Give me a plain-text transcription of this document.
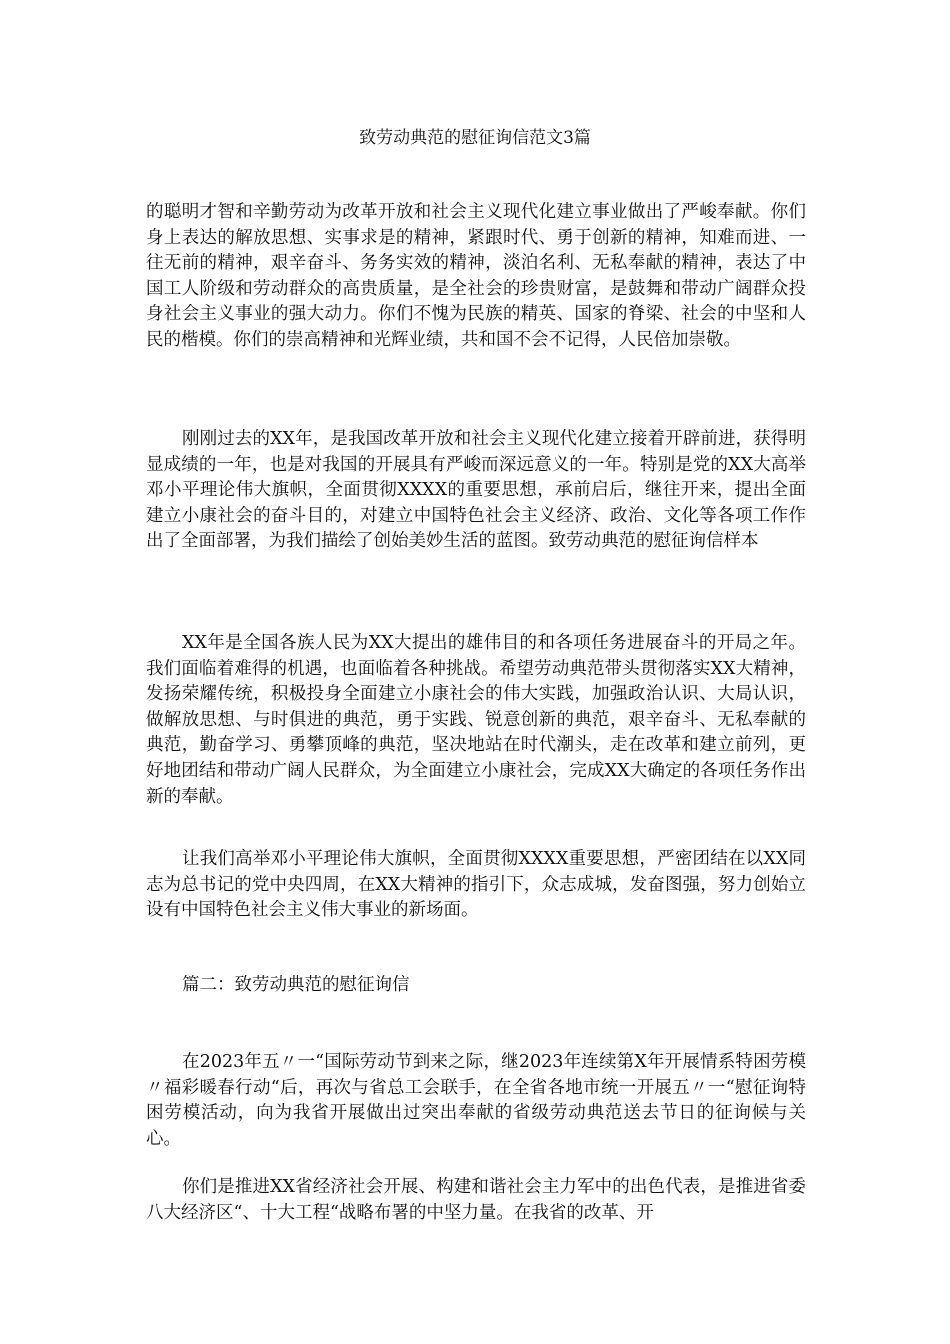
致劳动典范的慰征询信范文3篇

的聪明才智和辛勤劳动为改革开放和社会主义现代化建立事业做出了严峻奉献。你们身上表达的解放思想、实事求是的精神，紧跟时代、勇于创新的精神，知难而进、一往无前的精神，艰辛奋斗、务务实效的精神，淡泊名利、无私奉献的精神，表达了中国工人阶级和劳动群众的高贵质量，是全社会的珍贵财富，是鼓舞和带动广阔群众投身社会主义事业的强大动力。你们不愧为民族的精英、国家的脊梁、社会的中坚和人民的楷模。你们的崇高精神和光辉业绩，共和国不会不记得，人民倍加崇敬。

刚刚过去的XX年，是我国改革开放和社会主义现代化建立接着开辟前进，获得明显成绩的一年，也是对我国的开展具有严峻而深远意义的一年。特别是党的XX大高举邓小平理论伟大旗帜，全面贯彻XXXX的重要思想，承前启后，继往开来，提出全面建立小康社会的奋斗目的，对建立中国特色社会主义经济、政治、文化等各项工作作出了全面部署，为我们描绘了创始美妙生活的蓝图。致劳动典范的慰征询信样本

XX年是全国各族人民为XX大提出的雄伟目的和各项任务进展奋斗的开局之年。我们面临着难得的机遇，也面临着各种挑战。希望劳动典范带头贯彻落实XX大精神，发扬荣耀传统，积极投身全面建立小康社会的伟大实践，加强政治认识、大局认识，做解放思想、与时俱进的典范，勇于实践、锐意创新的典范，艰辛奋斗、无私奉献的典范，勤奋学习、勇攀顶峰的典范，坚决地站在时代潮头，走在改革和建立前列，更好地团结和带动广阔人民群众，为全面建立小康社会，完成XX大确定的各项任务作出新的奉献。

让我们高举邓小平理论伟大旗帜，全面贯彻XXXX重要思想，严密团结在以XX同志为总书记的党中央四周，在XX大精神的指引下，众志成城，发奋图强，努力创始立设有中国特色社会主义伟大事业的新场面。

篇二：致劳动典范的慰征询信

在2023年五〃一“国际劳动节到来之际，继2023年连续第X年开展情系特困劳模〃福彩暖春行动“后，再次与省总工会联手，在全省各地市统一开展五〃一“慰征询特困劳模活动，向为我省开展做出过突出奉献的省级劳动典范送去节日的征询候与关心。

你们是推进XX省经济社会开展、构建和谐社会主力军中的出色代表，是推进省委八大经济区“、十大工程“战略布署的中坚力量。在我省的改革、开
